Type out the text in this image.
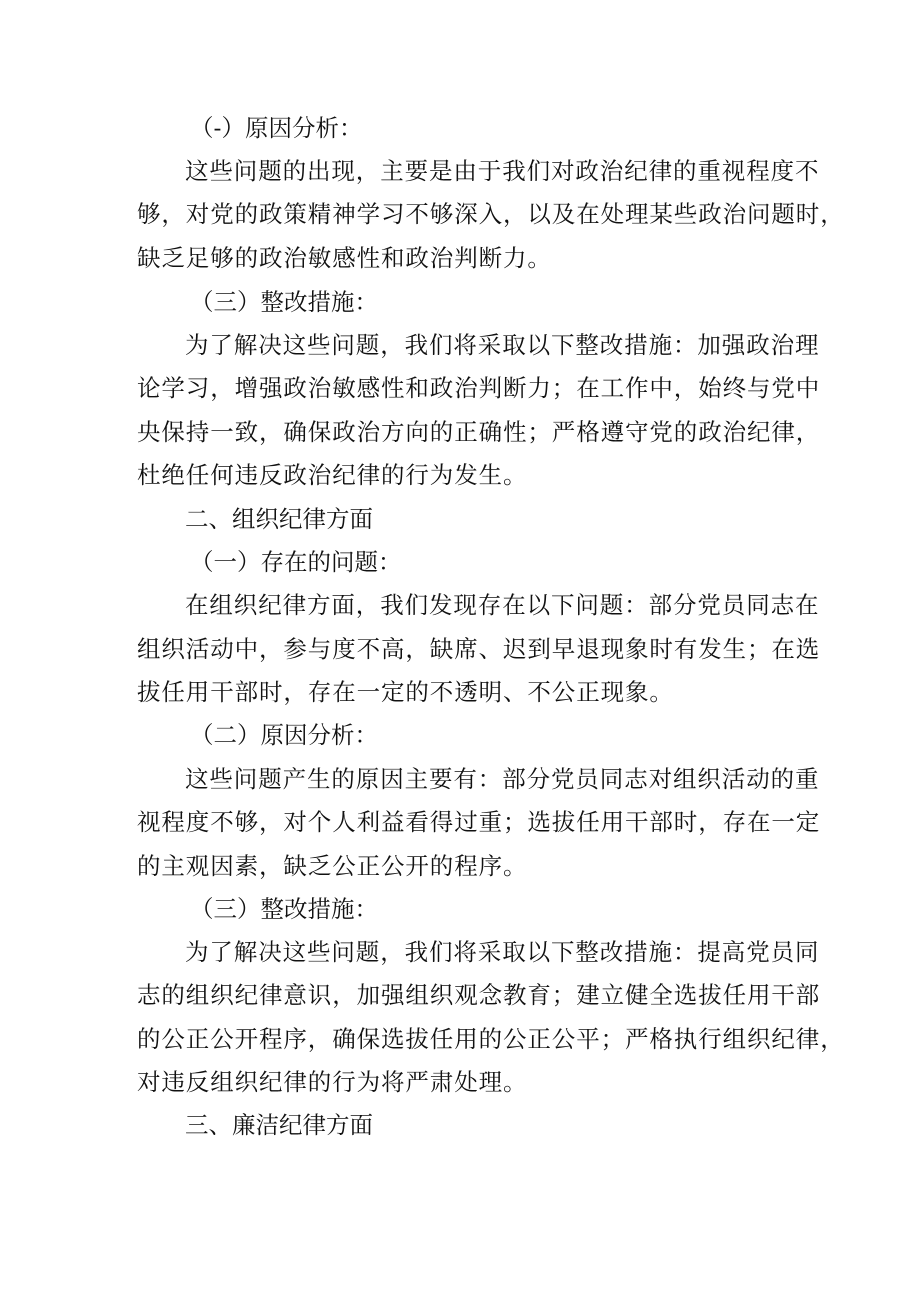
（-）原因分析：
这些问题的出现，主要是由于我们对政治纪律的重视程度不
够，对党的政策精神学习不够深入，以及在处理某些政治问题时，
缺乏足够的政治敏感性和政治判断力。
（三）整改措施：
为了解决这些问题，我们将采取以下整改措施：加强政治理
论学习，增强政治敏感性和政治判断力；在工作中，始终与党中
央保持一致，确保政治方向的正确性；严格遵守党的政治纪律，
杜绝任何违反政治纪律的行为发生。
二、组织纪律方面
（一）存在的问题：
在组织纪律方面，我们发现存在以下问题：部分党员同志在
组织活动中，参与度不高，缺席、迟到早退现象时有发生；在选
拔任用干部时，存在一定的不透明、不公正现象。
（二）原因分析：
这些问题产生的原因主要有：部分党员同志对组织活动的重
视程度不够，对个人利益看得过重；选拔任用干部时，存在一定
的主观因素，缺乏公正公开的程序。
（三）整改措施：
为了解决这些问题，我们将采取以下整改措施：提高党员同
志的组织纪律意识，加强组织观念教育；建立健全选拔任用干部
的公正公开程序，确保选拔任用的公正公平；严格执行组织纪律，
对违反组织纪律的行为将严肃处理。
三、廉洁纪律方面
